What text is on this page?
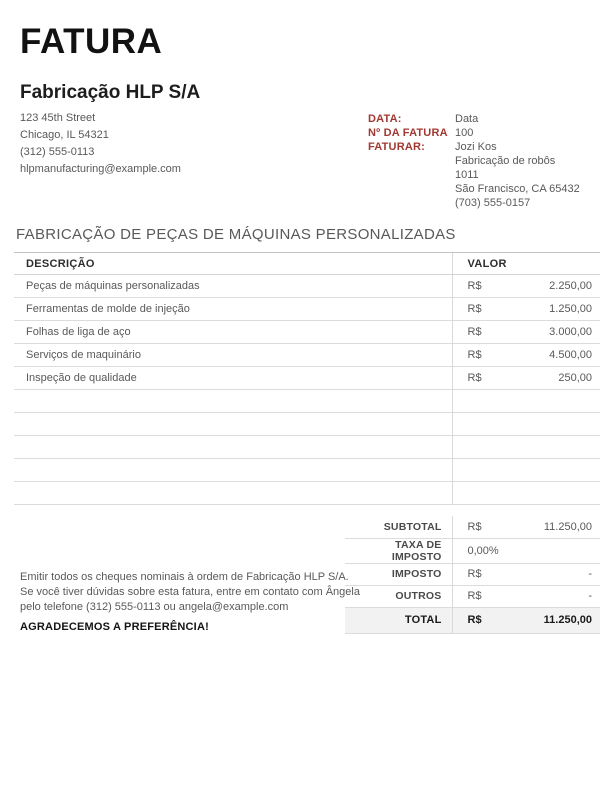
FATURA
Fabricação HLP S/A
123 45th Street
Chicago, IL 54321
(312) 555-0113
hlpmanufacturing@example.com
DATA:	Data
Nº DA FATURA 100
FATURAR:	Jozi Kos
Fabricação de robôs
1011
São Francisco, CA 65432
(703) 555-0157
FABRICAÇÃO DE PEÇAS DE MÁQUINAS PERSONALIZADAS
DESCRIÇÃO	VALOR	
Peças de máquinas personalizadas	R$	2.250,00
Ferramentas de molde de injeção	R$	1.250,00
Folhas de liga de aço	R$	3.000,00
Serviços de maquinário	R$	4.500,00
Inspeção de qualidade	R$	250,00

SUBTOTAL	R$	11.250,00
TAXA DE IMPOSTO	0,00%	
IMPOSTO	R$	-
OUTROS	R$	-
TOTAL	R$	11.250,00

Emitir todos os cheques nominais à ordem de Fabricação HLP S/A.

Se você tiver dúvidas sobre esta fatura, entre em contato com Ângela pelo telefone (312) 555-0113 ou angela@example.com

AGRADECEMOS A PREFERÊNCIA!
